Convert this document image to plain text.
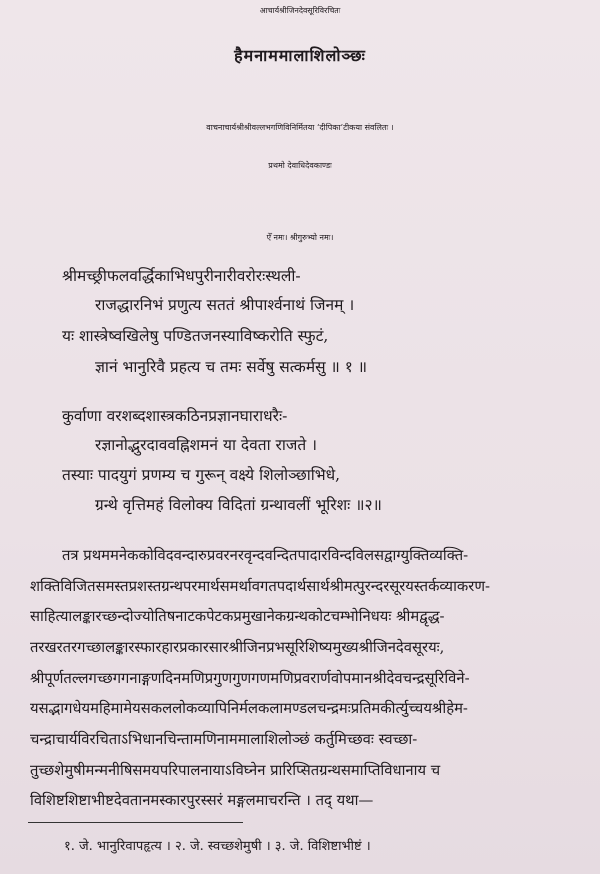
आचार्यश्रीजिनदेवसूरिविरचितः
हैमनाममालाशिलोञ्छः
वाचनाचार्यश्रीश्रीवल्लभगणिविनिर्मितया ‘दीपिका’टीकया संवलितः ।
प्रथमो देवाधिदेवकाण्डः
ऐँ नमः। श्रीगुरुभ्यो नमः।
श्रीमच्छ्रीफलवर्द्धिकाभिधपुरीनारीवरोरःस्थली-
राजद्धारनिभं प्रणुत्य सततं श्रीपार्श्वनाथं जिनम् ।
यः शास्त्रेष्वखिलेषु पण्डितजनस्याविष्करोति स्फुटं,
ज्ञानं भानुरिवै प्रहत्य च तमः सर्वेषु सत्कर्मसु ॥ १ ॥
कुर्वाणा वरशब्दशास्त्रकठिनप्रज्ञानघाराधरैः-
रज्ञानोद्भुरदाववह्निशमनं या देवता राजते ।
तस्याः पादयुगं प्रणम्य च गुरून् वक्ष्ये शिलोञ्छाभिधे,
ग्रन्थे वृत्तिमहं विलोक्य विदितां ग्रन्थावलीं भूरिशः ॥२॥
तत्र प्रथममनेककोविदवन्दारुप्रवरनरवृन्दवन्दितपादारविन्दविलसद्वाग्युक्तिव्यक्ति-
शक्तिविजितसमस्तप्रशस्तग्रन्थपरमार्थसमर्थावगतपदार्थसार्थश्रीमत्पुरन्दरसूरयस्तर्कव्याकरण-
साहित्यालङ्कारच्छन्दोज्योतिषनाटकपेटकप्रमुखानेकग्रन्थकोटचम्भोनिधयः श्रीमद्वृद्ध-
तरखरतरगच्छालङ्कारस्फारहारप्रकारसारश्रीजिनप्रभसूरिशिष्यमुख्यश्रीजिनदेवसूरयः,
श्रीपूर्णतल्लगच्छगगनाङ्गणदिनमणिप्रगुणगुणगणमणिप्रवरार्णवोपमानश्रीदेवचन्द्रसूरिविने-
यसद्भागधेयमहिमामेयसकललोकव्यापिनिर्मलकलामण्डलचन्द्रमःप्रतिमकीर्त्युच्चयश्रीहेम-
चन्द्राचार्यविरचिताऽभिधानचिन्तामणिनाममालाशिलोञ्छं कर्तुमिच्छवः स्वच्छा-
तुच्छशेमुषीमन्मनीषिसमयपरिपालनायाऽविघ्नेन प्रारिप्सितग्रन्थसमाप्तिविधानाय च
विशिष्टशिष्टाभीष्टदेवतानमस्कारपुरस्सरं मङ्गलमाचरन्ति । तद् यथा—
१. जे. भानुरिवापहृत्य । २. जे. स्वच्छशेमुषी । ३. जे. विशिष्टाभीष्टं ।
